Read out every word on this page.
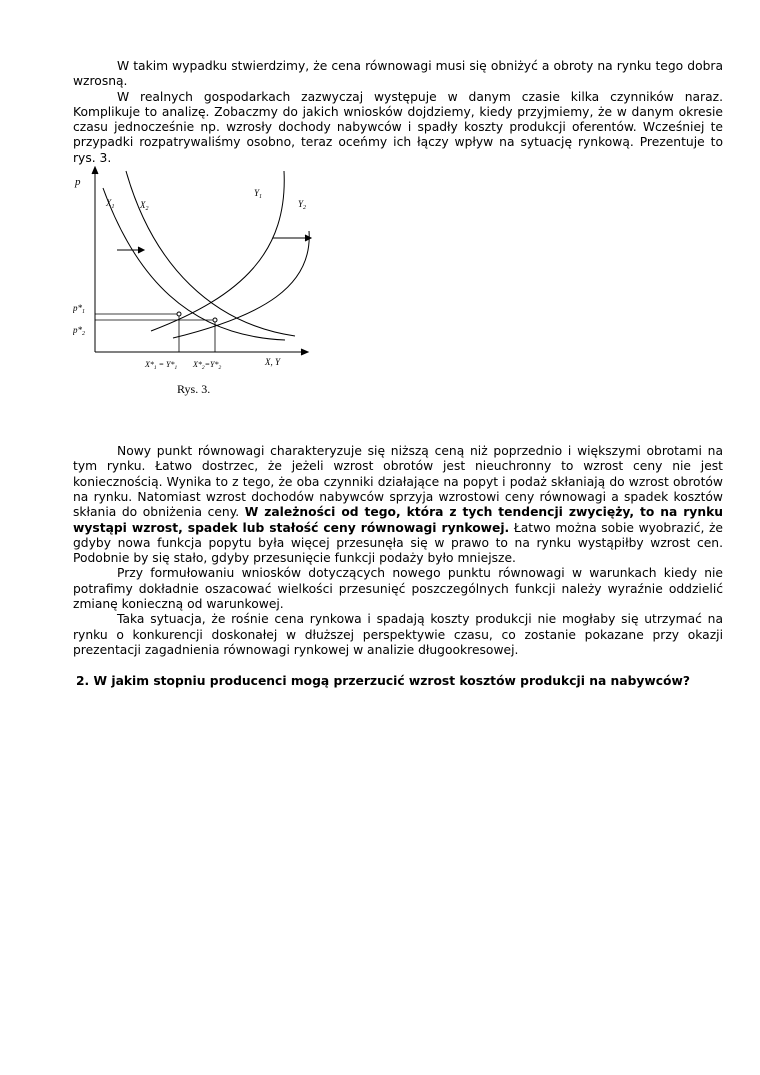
W takim wypadku stwierdzimy, że cena równowagi musi się obniżyć a obroty na rynku tego dobra wzrosną.

W realnych gospodarkach zazwyczaj występuje w danym czasie kilka czynników naraz. Komplikuje to analizę. Zobaczmy do jakich wniosków dojdziemy, kiedy przyjmiemy, że w danym okresie czasu jednocześnie np. wzrosły dochody nabywców i spadły koszty produkcji oferentów. Wcześniej te przypadki rozpatrywaliśmy osobno, teraz oceńmy ich łączy wpływ na sytuację rynkową. Prezentuje to rys. 3.

p
X, Y
$X_1$	$X_2$
$Y_1$
$Y_2$
$p*_1$
$p*_2$
$X*_1 = Y*_1$ $X*_2=Y*_2$
Rys. 3.

Nowy punkt równowagi charakteryzuje się niższą ceną niż poprzednio i większymi obrotami na tym rynku. Łatwo dostrzec, że jeżeli wzrost obrotów jest nieuchronny to wzrost ceny nie jest koniecznością. Wynika to z tego, że oba czynniki działające na popyt i podaż skłaniają do wzrost obrotów na rynku. Natomiast wzrost dochodów nabywców sprzyja wzrostowi ceny równowagi a spadek kosztów skłania do obniżenia ceny. W zależności od tego, która z tych tendencji zwycięży, to na rynku wystąpi wzrost, spadek lub stałość ceny równowagi rynkowej. Łatwo można sobie wyobrazić, że gdyby nowa funkcja popytu była więcej przesunęła się w prawo to na rynku wystąpiłby wzrost cen. Podobnie by się stało, gdyby przesunięcie funkcji podaży było mniejsze.

Przy formułowaniu wniosków dotyczących nowego punktu równowagi w warunkach kiedy nie potrafimy dokładnie oszacować wielkości przesunięć poszczególnych funkcji należy wyraźnie oddzielić zmianę konieczną od warunkowej.

Taka sytuacja, że rośnie cena rynkowa i spadają koszty produkcji nie mogłaby się utrzymać na rynku o konkurencji doskonałej w dłuższej perspektywie czasu, co zostanie pokazane przy okazji prezentacji zagadnienia równowagi rynkowej w analizie długookresowej.

2. W jakim stopniu producenci mogą przerzucić wzrost kosztów produkcji na nabywców?
